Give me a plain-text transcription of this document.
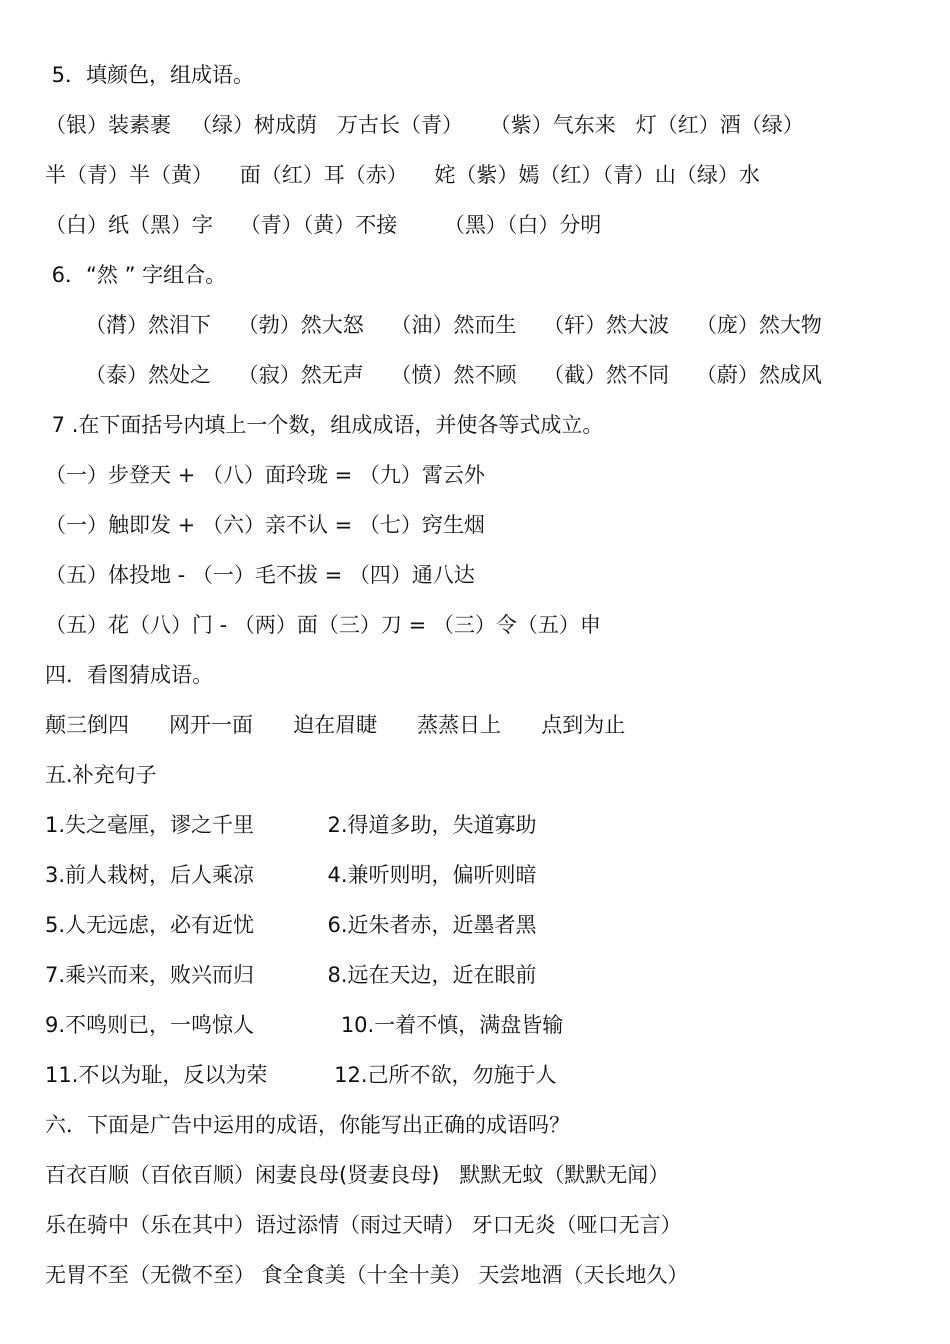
5．填颜色，组成语。
（银）装素裹   （绿）树成荫   万古长（青）    （紫）气东来   灯（红）酒（绿）
半（青）半（黄）    面（红）耳（赤）    姹（紫）嫣（红）（青）山（绿）水
（白）纸（黑）字    （青）（黄）不接       （黑）（白）分明
6．“然 ” 字组合。
（潸）然泪下    （勃）然大怒    （油）然而生    （轩）然大波    （庞）然大物
（泰）然处之    （寂）然无声    （愤）然不顾    （截）然不同    （蔚）然成风
7 .在下面括号内填上一个数，组成成语，并使各等式成立。
（一）步登天 + （八）面玲珑 = （九）霄云外
（一）触即发 + （六）亲不认 = （七）窍生烟
（五）体投地 - （一）毛不拔 = （四）通八达
（五）花（八）门 - （两）面（三）刀 = （三）令（五）申
四．看图猜成语。
颠三倒四      网开一面      迫在眉睫      蒸蒸日上      点到为止
五.补充句子
1.失之毫厘，谬之千里           2.得道多助，失道寡助
3.前人栽树，后人乘凉           4.兼听则明，偏听则暗
5.人无远虑，必有近忧           6.近朱者赤，近墨者黑
7.乘兴而来，败兴而归           8.远在天边，近在眼前
9.不鸣则已，一鸣惊人             10.一着不慎，满盘皆输
11.不以为耻，反以为荣          12.己所不欲，勿施于人
六．下面是广告中运用的成语，你能写出正确的成语吗？
百衣百顺（百依百顺）闲妻良母(贤妻良母)   默默无蚊（默默无闻）
乐在骑中（乐在其中）语过添情（雨过天晴） 牙口无炎（哑口无言）
无胃不至（无微不至） 食全食美（十全十美） 天尝地酒（天长地久）
